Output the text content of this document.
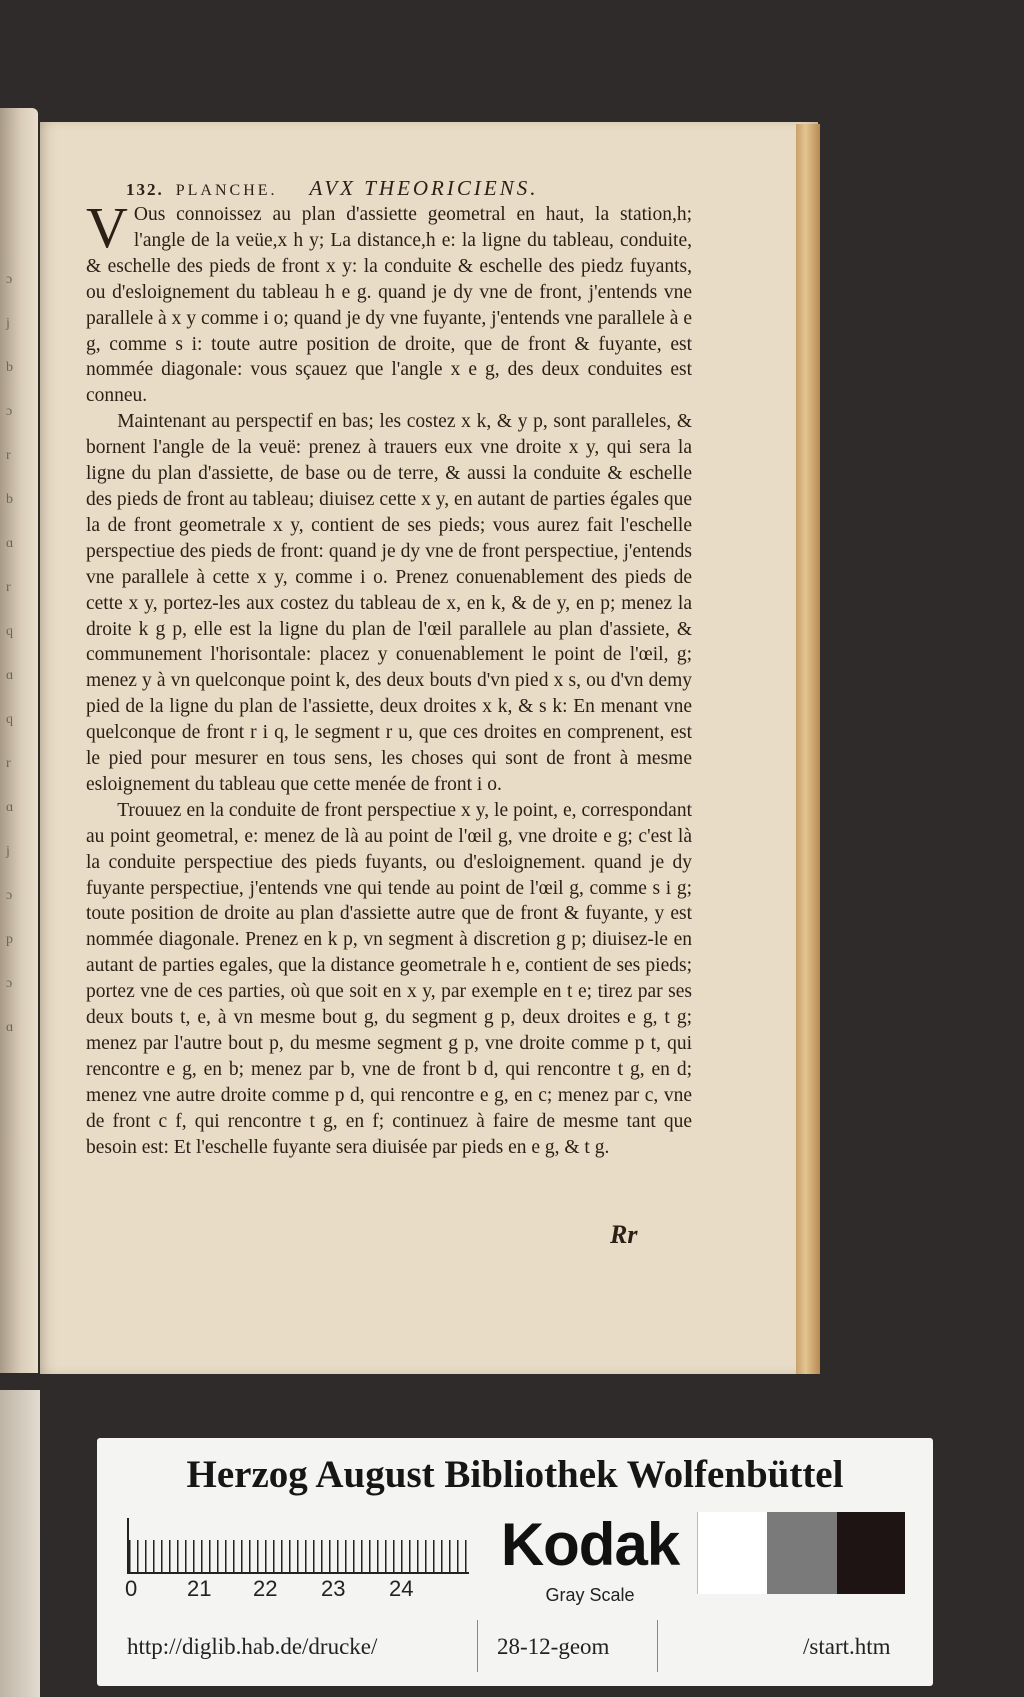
ɔ
j
b
ɔ
r
b
ɑ
r
q
ɑ
q
r
ɑ
j
ɔ
p
ɔ
ɑ
132. PLANCHE. AVX THEORICIENS.

V Ous connoissez au plan d'assiette geometral en haut, la station,h; l'angle de la veüe,x h y; La distance,h e: la ligne du tableau, conduite, & eschelle des pieds de front x y: la conduite & eschelle des piedz fuyants, ou d'esloignement du tableau h e g. quand je dy vne de front, j'entends vne parallele à x y comme i o; quand je dy vne fuyante, j'entends vne parallele à e g, comme s i: toute autre position de droite, que de front & fuyante, est nommée diagonale: vous sçauez que l'angle x e g, des deux conduites est conneu.

Maintenant au perspectif en bas; les costez x k, & y p, sont paralleles, & bornent l'angle de la veuë: prenez à trauers eux vne droite x y, qui sera la ligne du plan d'assiette, de base ou de terre, & aussi la conduite & eschelle des pieds de front au tableau; diuisez cette x y, en autant de parties égales que la de front geometrale x y, contient de ses pieds; vous aurez fait l'eschelle perspectiue des pieds de front: quand je dy vne de front perspectiue, j'entends vne parallele à cette x y, comme i o. Prenez conuenablement des pieds de cette x y, portez-les aux costez du tableau de x, en k, & de y, en p; menez la droite k g p, elle est la ligne du plan de l'œil parallele au plan d'assiete, & communement l'horisontale: placez y conuenablement le point de l'œil, g; menez y à vn quelconque point k, des deux bouts d'vn pied x s, ou d'vn demy pied de la ligne du plan de l'assiette, deux droites x k, & s k: En menant vne quelconque de front r i q, le segment r u, que ces droites en comprenent, est le pied pour mesurer en tous sens, les choses qui sont de front à mesme esloignement du tableau que cette menée de front i o.

Trouuez en la conduite de front perspectiue x y, le point, e, correspondant au point geometral, e: menez de là au point de l'œil g, vne droite e g; c'est là la conduite perspectiue des pieds fuyants, ou d'esloignement. quand je dy fuyante perspectiue, j'entends vne qui tende au point de l'œil g, comme s i g; toute position de droite au plan d'assiette autre que de front & fuyante, y est nommée diagonale. Prenez en k p, vn segment à discretion g p; diuisez-le en autant de parties egales, que la distance geometrale h e, contient de ses pieds; portez vne de ces parties, où que soit en x y, par exemple en t e; tirez par ses deux bouts t, e, à vn mesme bout g, du segment g p, deux droites e g, t g; menez par l'autre bout p, du mesme segment g p, vne droite comme p t, qui rencontre e g, en b; menez par b, vne de front b d, qui rencontre t g, en d; menez vne autre droite comme p d, qui rencontre e g, en c; menez par c, vne de front c f, qui rencontre t g, en f; continuez à faire de mesme tant que besoin est: Et l'eschelle fuyante sera diuisée par pieds en e g, & t g.

Rr
Herzog August Bibliothek Wolfenbüttel
0 21 22 23 24
Kodak
Gray Scale
http://diglib.hab.de/drucke/	28-12-geom	/start.htm
